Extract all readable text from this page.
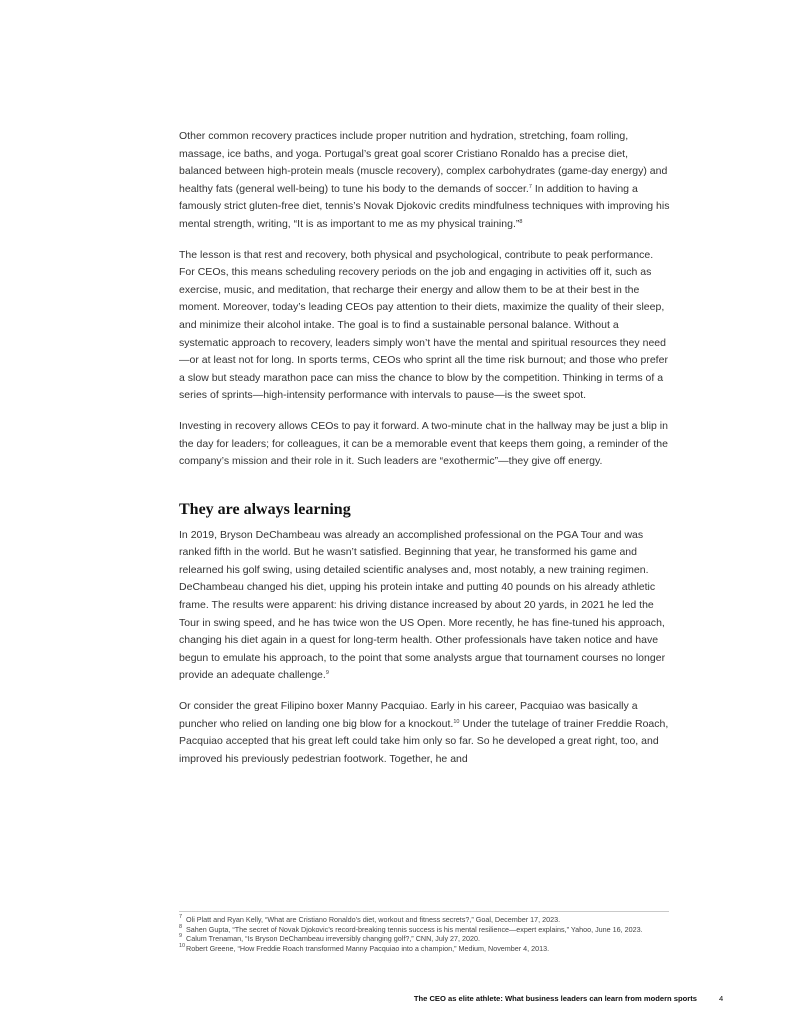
Other common recovery practices include proper nutrition and hydration, stretching, foam rolling, massage, ice baths, and yoga. Portugal’s great goal scorer Cristiano Ronaldo has a precise diet, balanced between high-protein meals (muscle recovery), complex carbohydrates (game-day energy) and healthy fats (general well-being) to tune his body to the demands of soccer.$^7$ In addition to having a famously strict gluten-free diet, tennis’s Novak Djokovic credits mindfulness techniques with improving his mental strength, writing, “It is as important to me as my physical training.”$^8$

The lesson is that rest and recovery, both physical and psychological, contribute to peak performance. For CEOs, this means scheduling recovery periods on the job and engaging in activities off it, such as exercise, music, and meditation, that recharge their energy and allow them to be at their best in the moment. Moreover, today’s leading CEOs pay attention to their diets, maximize the quality of their sleep, and minimize their alcohol intake. The goal is to find a sustainable personal balance. Without a systematic approach to recovery, leaders simply won’t have the mental and spiritual resources they need—or at least not for long. In sports terms, CEOs who sprint all the time risk burnout; and those who prefer a slow but steady marathon pace can miss the chance to blow by the competition. Thinking in terms of a series of sprints—high-intensity performance with intervals to pause—is the sweet spot.

Investing in recovery allows CEOs to pay it forward. A two-minute chat in the hallway may be just a blip in the day for leaders; for colleagues, it can be a memorable event that keeps them going, a reminder of the company’s mission and their role in it. Such leaders are “exothermic”—they give off energy.

They are always learning

In 2019, Bryson DeChambeau was already an accomplished professional on the PGA Tour and was ranked fifth in the world. But he wasn’t satisfied. Beginning that year, he transformed his game and relearned his golf swing, using detailed scientific analyses and, most notably, a new training regimen. DeChambeau changed his diet, upping his protein intake and putting 40 pounds on his already athletic frame. The results were apparent: his driving distance increased by about 20 yards, in 2021 he led the Tour in swing speed, and he has twice won the US Open. More recently, he has fine-tuned his approach, changing his diet again in a quest for long-term health. Other professionals have taken notice and have begun to emulate his approach, to the point that some analysts argue that tournament courses no longer provide an adequate challenge.$^9$

Or consider the great Filipino boxer Manny Pacquiao. Early in his career, Pacquiao was basically a puncher who relied on landing one big blow for a knockout.$^{10}$ Under the tutelage of trainer Freddie Roach, Pacquiao accepted that his great left could take him only so far. So he developed a great right, too, and improved his previously pedestrian footwork. Together, he and

$^7$ Oli Platt and Ryan Kelly, “What are Cristiano Ronaldo’s diet, workout and fitness secrets?,” Goal, December 17, 2023.

$^8$ Sahen Gupta, “The secret of Novak Djokovic’s record-breaking tennis success is his mental resilience—expert explains,” Yahoo, June 16, 2023.

$^9$ Calum Trenaman, “Is Bryson DeChambeau irreversibly changing golf?,” CNN, July 27, 2020.

$^{10}$Robert Greene, “How Freddie Roach transformed Manny Pacquiao into a champion,” Medium, November 4, 2013.

The CEO as elite athlete: What business leaders can learn from modern sports	4
